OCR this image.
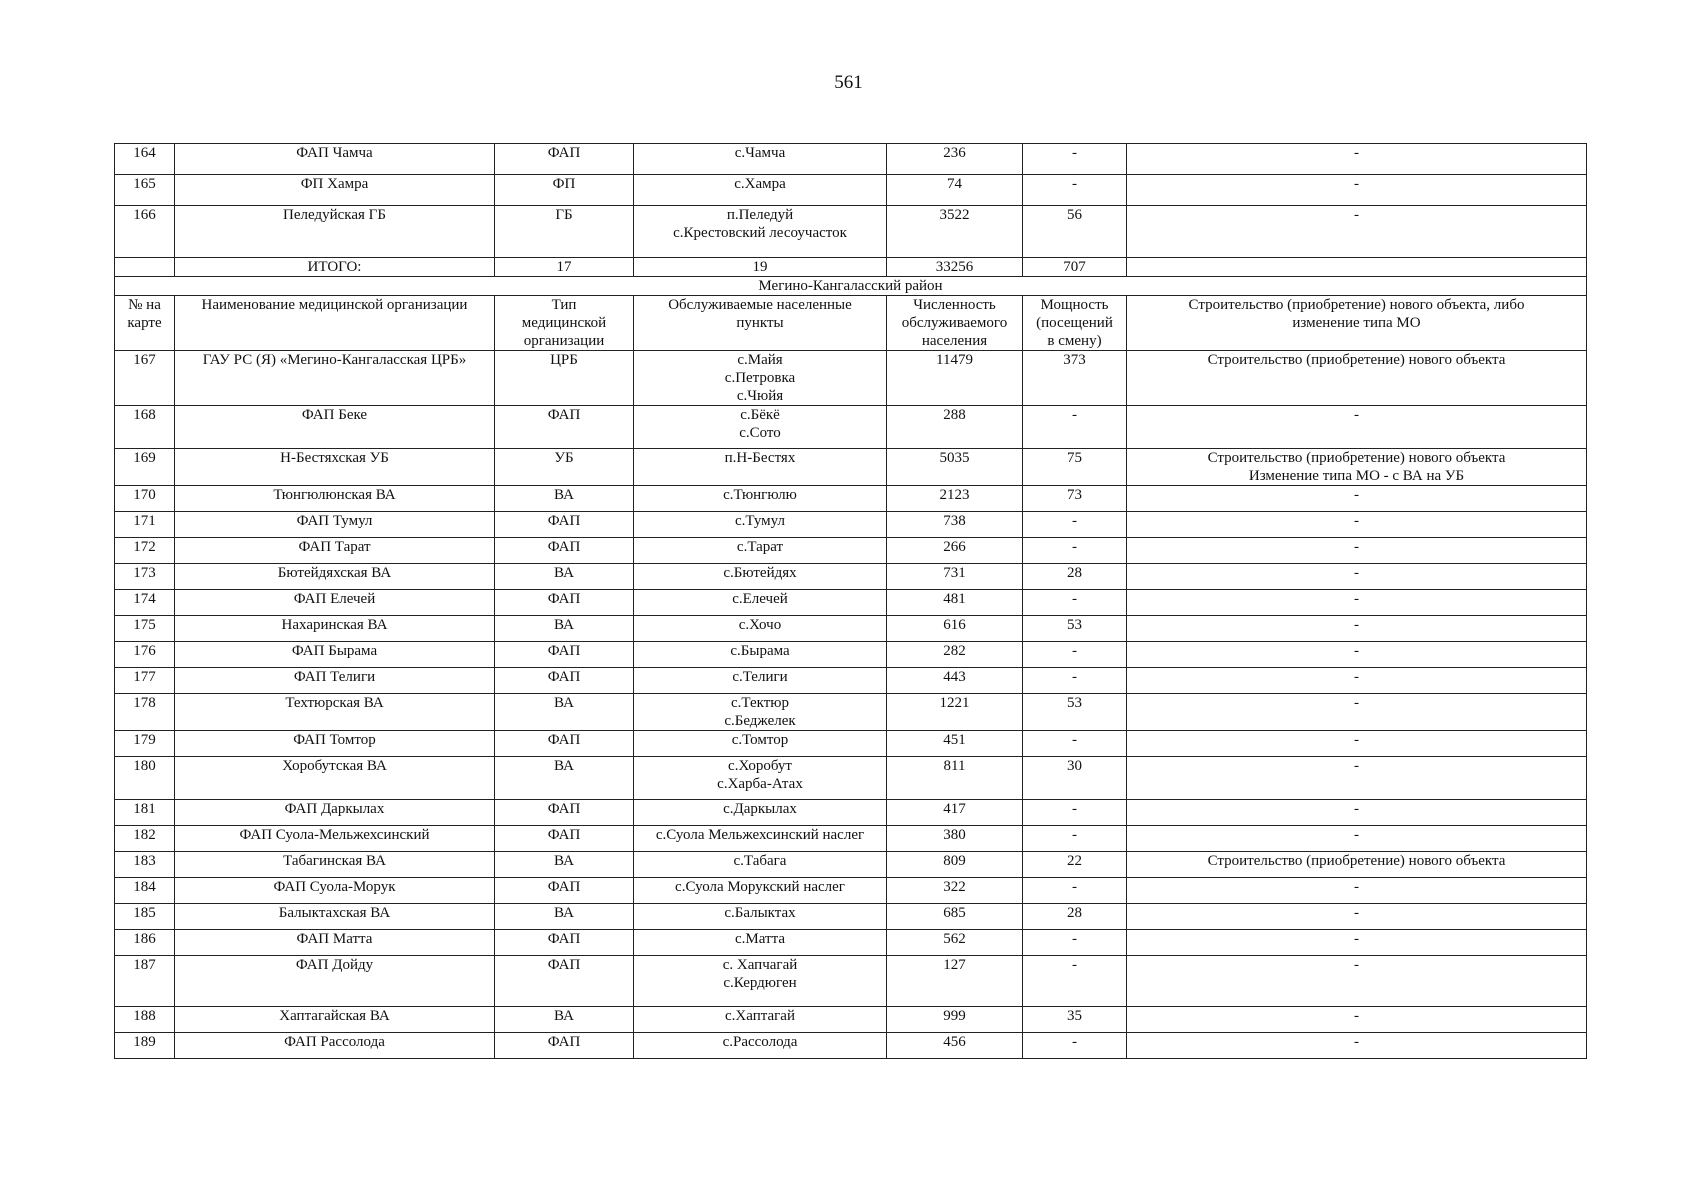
561
164	ФАП Чамча	ФАП	с.Чамча	236	-	-
165	ФП Хамра	ФП	с.Хамра	74	-	-
166	Пеледуйская ГБ	ГБ	п.Пеледуй
с.Крестовский лесоучасток	3522	56	-
	ИТОГО:	17	19	33256	707	
Мегино-Кангаласский район						
№ на
карте	Наименование медицинской организации	Тип
медицинской
организации	Обслуживаемые населенные
пункты	Численность
обслуживаемого
населения	Мощность
(посещений
в смену)	Строительство (приобретение) нового объекта, либо
изменение типа МО
167	ГАУ РС (Я) «Мегино-Кангаласская ЦРБ»	ЦРБ	с.Майя
с.Петровка
с.Чюйя	11479	373	Строительство (приобретение) нового объекта
168	ФАП Беке	ФАП	с.Бёкё
с.Сото	288	-	-
169	Н-Бестяхская УБ	УБ	п.Н-Бестях	5035	75	Строительство (приобретение) нового объекта
Изменение типа МО - с ВА на УБ
170	Тюнгюлюнская ВА	ВА	с.Тюнгюлю	2123	73	-
171	ФАП Тумул	ФАП	с.Тумул	738	-	-
172	ФАП Тарат	ФАП	с.Тарат	266	-	-
173	Бютейдяхская ВА	ВА	с.Бютейдях	731	28	-
174	ФАП Елечей	ФАП	с.Елечей	481	-	-
175	Нахаринская ВА	ВА	с.Хочо	616	53	-
176	ФАП Бырама	ФАП	с.Бырама	282	-	-
177	ФАП Телиги	ФАП	с.Телиги	443	-	-
178	Техтюрская ВА	ВА	с.Тектюр
с.Беджелек	1221	53	-
179	ФАП Томтор	ФАП	с.Томтор	451	-	-
180	Хоробутская ВА	ВА	с.Хоробут
с.Харба-Атах	811	30	-
181	ФАП Даркылах	ФАП	с.Даркылах	417	-	-
182	ФАП Суола-Мельжехсинский	ФАП	с.Суола Мельжехсинский наслег	380	-	-
183	Табагинская ВА	ВА	с.Табага	809	22	Строительство (приобретение) нового объекта
184	ФАП Суола-Морук	ФАП	с.Суола Морукский наслег	322	-	-
185	Балыктахская ВА	ВА	с.Балыктах	685	28	-
186	ФАП Матта	ФАП	с.Матта	562	-	-
187	ФАП Дойду	ФАП	с. Хапчагай
с.Кердюген	127	-	-
188	Хаптагайская ВА	ВА	с.Хаптагай	999	35	-
189	ФАП Рассолода	ФАП	с.Рассолода	456	-	-
